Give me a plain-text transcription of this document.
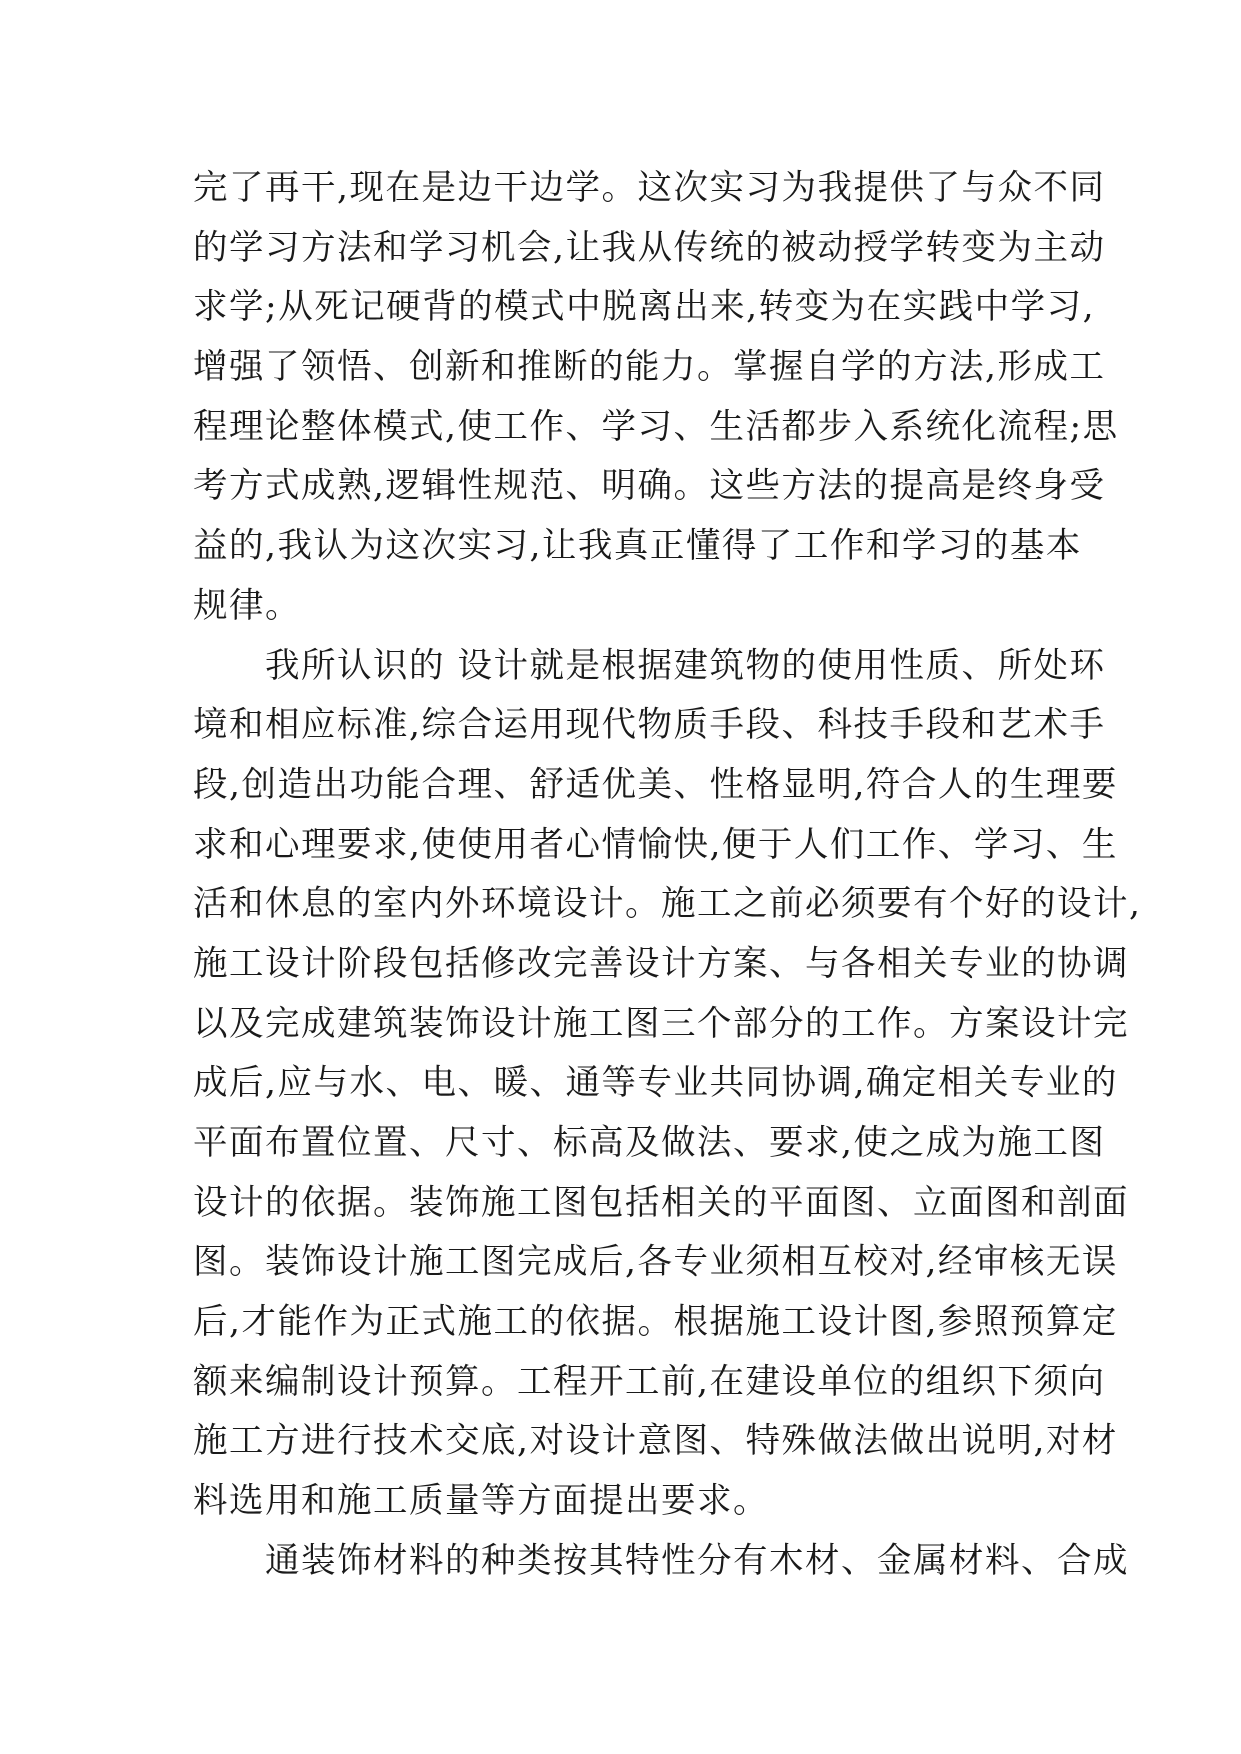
完了再干,现在是边干边学。这次实习为我提供了与众不同
的学习方法和学习机会,让我从传统的被动授学转变为主动
求学;从死记硬背的模式中脱离出来,转变为在实践中学习,
增强了领悟、创新和推断的能力。掌握自学的方法,形成工
程理论整体模式,使工作、学习、生活都步入系统化流程;思
考方式成熟,逻辑性规范、明确。这些方法的提高是终身受
益的,我认为这次实习,让我真正懂得了工作和学习的基本
规律。
　　我所认识的 设计就是根据建筑物的使用性质、所处环
境和相应标准,综合运用现代物质手段、科技手段和艺术手
段,创造出功能合理、舒适优美、性格显明,符合人的生理要
求和心理要求,使使用者心情愉快,便于人们工作、学习、生
活和休息的室内外环境设计。施工之前必须要有个好的设计,
施工设计阶段包括修改完善设计方案、与各相关专业的协调
以及完成建筑装饰设计施工图三个部分的工作。方案设计完
成后,应与水、电、暖、通等专业共同协调,确定相关专业的
平面布置位置、尺寸、标高及做法、要求,使之成为施工图
设计的依据。装饰施工图包括相关的平面图、立面图和剖面
图。装饰设计施工图完成后,各专业须相互校对,经审核无误
后,才能作为正式施工的依据。根据施工设计图,参照预算定
额来编制设计预算。工程开工前,在建设单位的组织下须向
施工方进行技术交底,对设计意图、特殊做法做出说明,对材
料选用和施工质量等方面提出要求。
　　通装饰材料的种类按其特性分有木材、金属材料、合成
